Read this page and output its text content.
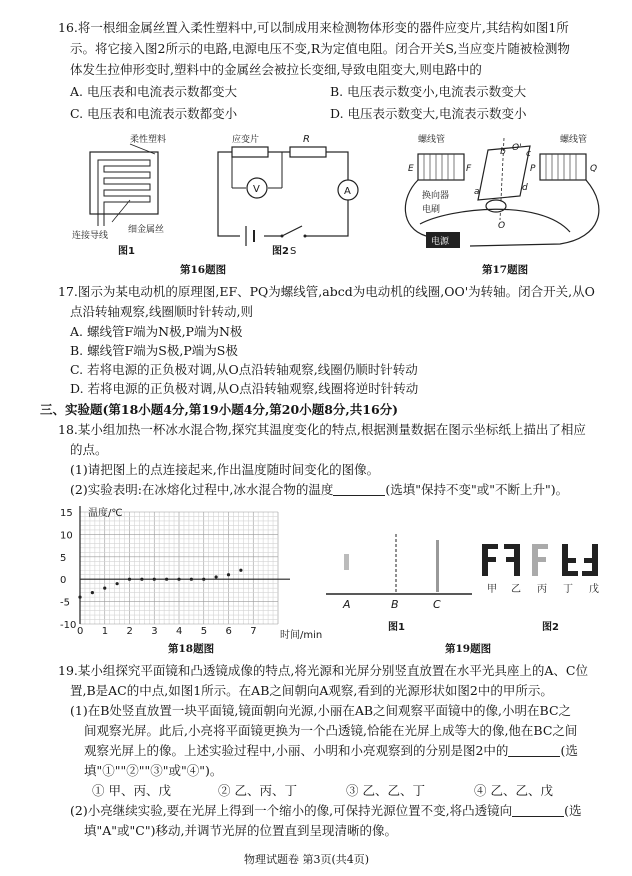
16.将一根细金属丝置入柔性塑料中,可以制成用来检测物体形变的器件应变片,其结构如图1所
示。将它接入图2所示的电路,电源电压不变,R为定值电阻。闭合开关S,当应变片随被检测物
体发生拉伸形变时,塑料中的金属丝会被拉长变细,导致电阻变大,则电路中的
A. 电压表和电流表示数都变大	B. 电压表示数变小,电流表示数变大
C. 电压表和电流表示数都变小	D. 电压表示数变大,电流表示数变小
柔性塑料
连接导线
细金属丝
图1
V	A
应变片	R
S
图2
螺线管	螺线管
E	F	P	Q
b O'
c
a	d
O
换向器
电刷
电源
第16题图	第17题图
17.图示为某电动机的原理图,EF、PQ为螺线管,abcd为电动机的线圈,OO'为转轴。闭合开关,从O
点沿转轴观察,线圈顺时针转动,则
A. 螺线管F端为N极,P端为N极
B. 螺线管F端为S极,P端为S极
C. 若将电源的正负极对调,从O点沿转轴观察,线圈仍顺时针转动
D. 若将电源的正负极对调,从O点沿转轴观察,线圈将逆时针转动
三、实验题(第18小题4分,第19小题4分,第20小题8分,共16分)
18.某小组加热一杯冰水混合物,探究其温度变化的特点,根据测量数据在图示坐标纸上描出了相应
的点。
(1)请把图上的点连接起来,作出温度随时间变化的图像。
(2)实验表明:在冰熔化过程中,冰水混合物的温度	(选填"保持不变"或"不断上升")。
0 1 2 3 4 5 6 7
15
10
5
0
-5
-10
温度/℃
时间/min
第18题图
A	B	C
图1
甲 乙 丙 丁 戊
图2
第19题图
19.某小组探究平面镜和凸透镜成像的特点,将光源和光屏分别竖直放置在水平光具座上的A、C位
置,B是AC的中点,如图1所示。在AB之间朝向A观察,看到的光源形状如图2中的甲所示。
(1)在B处竖直放置一块平面镜,镜面朝向光源,小丽在AB之间观察平面镜中的像,小明在BC之
间观察光屏。此后,小亮将平面镜更换为一个凸透镜,恰能在光屏上成等大的像,他在BC之间
观察光屏上的像。上述实验过程中,小丽、小明和小亮观察到的分别是图2中的	(选
填"①""②""③"或"④")。
① 甲、丙、戊	② 乙、丙、丁	③ 乙、乙、丁	④ 乙、乙、戊
(2)小亮继续实验,要在光屏上得到一个缩小的像,可保持光源位置不变,将凸透镜向	(选
填"A"或"C")移动,并调节光屏的位置直到呈现清晰的像。
物理试题卷 第3页(共4页)
